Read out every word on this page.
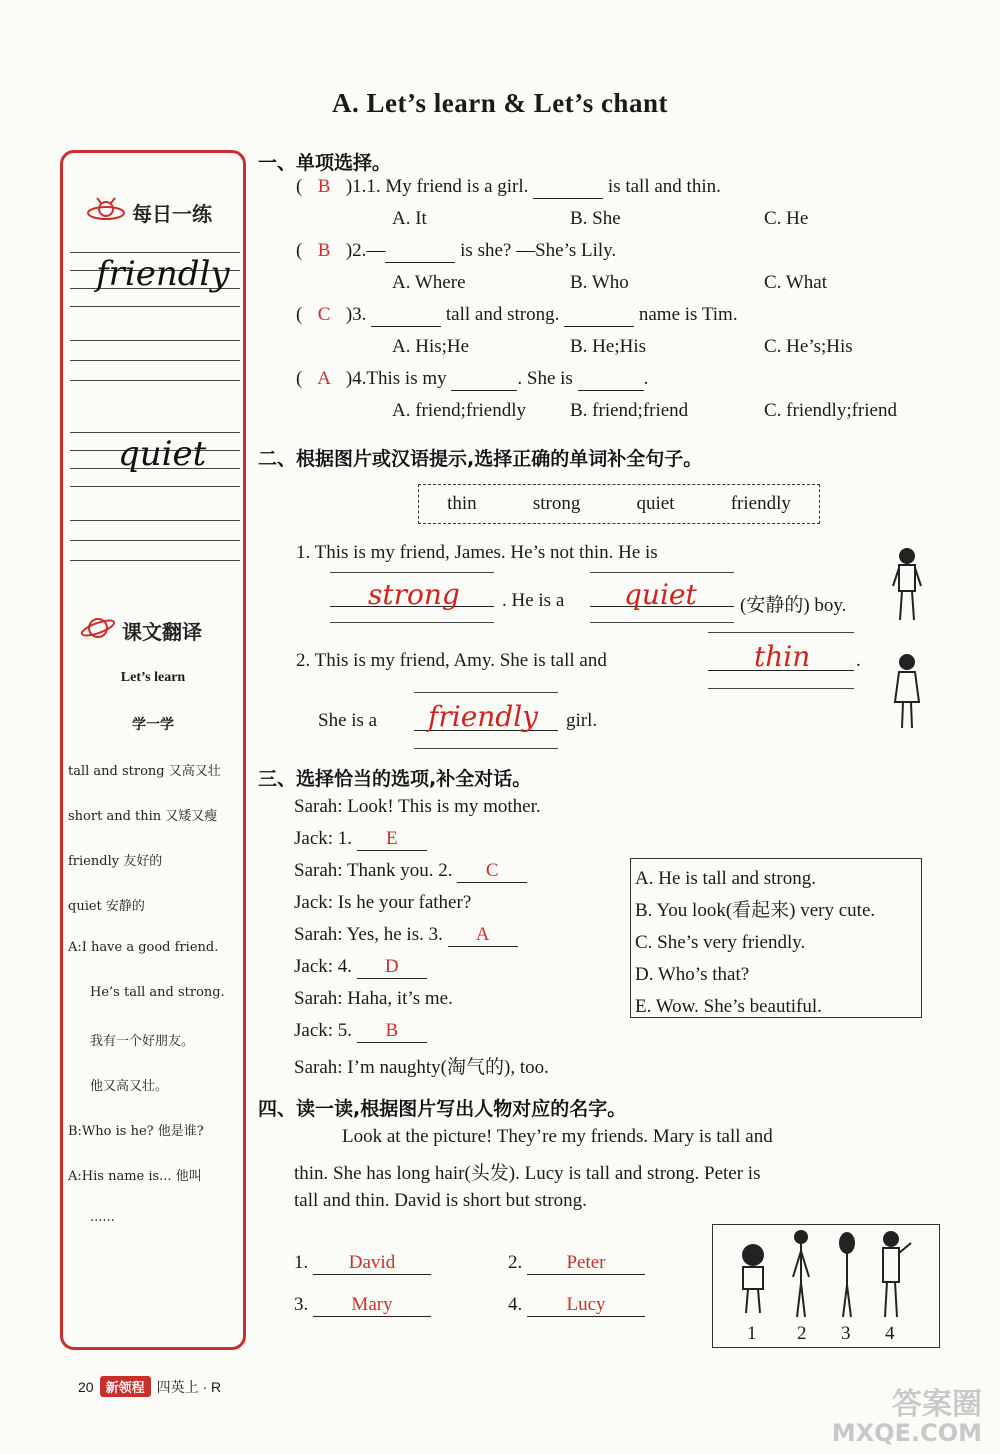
A. Let’s learn & Let’s chant
每日一练
friendly
quiet
课文翻译
Let’s learn
学一学
tall and strong 又高又壮
short and thin 又矮又瘦
friendly 友好的
quiet 安静的
A:I have a good friend.
He’s tall and strong.
我有一个好朋友。
他又高又壮。
B:Who is he? 他是谁?
A:His name is... 他叫
......
一、单项选择。
( B )1.1. My friend is a girl.	is tall and thin.
A. It	B. She	C. He
( B )2.—	is she? —She’s Lily.
A. Where	B. Who	C. What
( C )3.	tall and strong.	name is Tim.
A. His;He	B. He;His	C. He’s;His
( A )4.This is my	. She is	.
A. friend;friendly B. friend;friend	C. friendly;friend
二、根据图片或汉语提示,选择正确的单词补全句子。
thin	strong	quiet	friendly
1. This is my friend, James. He’s not thin. He is
strong . He is a quiet (安静的) boy.
2. This is my friend, Amy. She is tall and	thin .
She is a friendly girl.
三、选择恰当的选项,补全对话。
Sarah: Look! This is my mother.
Jack: 1. E
Sarah: Thank you. 2. C
Jack: Is he your father?
Sarah: Yes, he is. 3. A
Jack: 4. D
Sarah: Haha, it’s me.
Jack: 5. B
Sarah: I’m naughty(淘气的), too.
A. He is tall and strong.
B. You look(看起来) very cute.
C. She’s very friendly.
D. Who’s that?
E. Wow. She’s beautiful.
四、读一读,根据图片写出人物对应的名字。
Look at the picture! They’re my friends. Mary is tall and
thin. She has long hair(头发). Lucy is tall and strong. Peter is
tall and thin. David is short but strong.
1. David	2. Peter
3. Mary	4. Lucy
1 2 3 4
20 新领程 四英上 · R
答案圈
MXQE.COM
